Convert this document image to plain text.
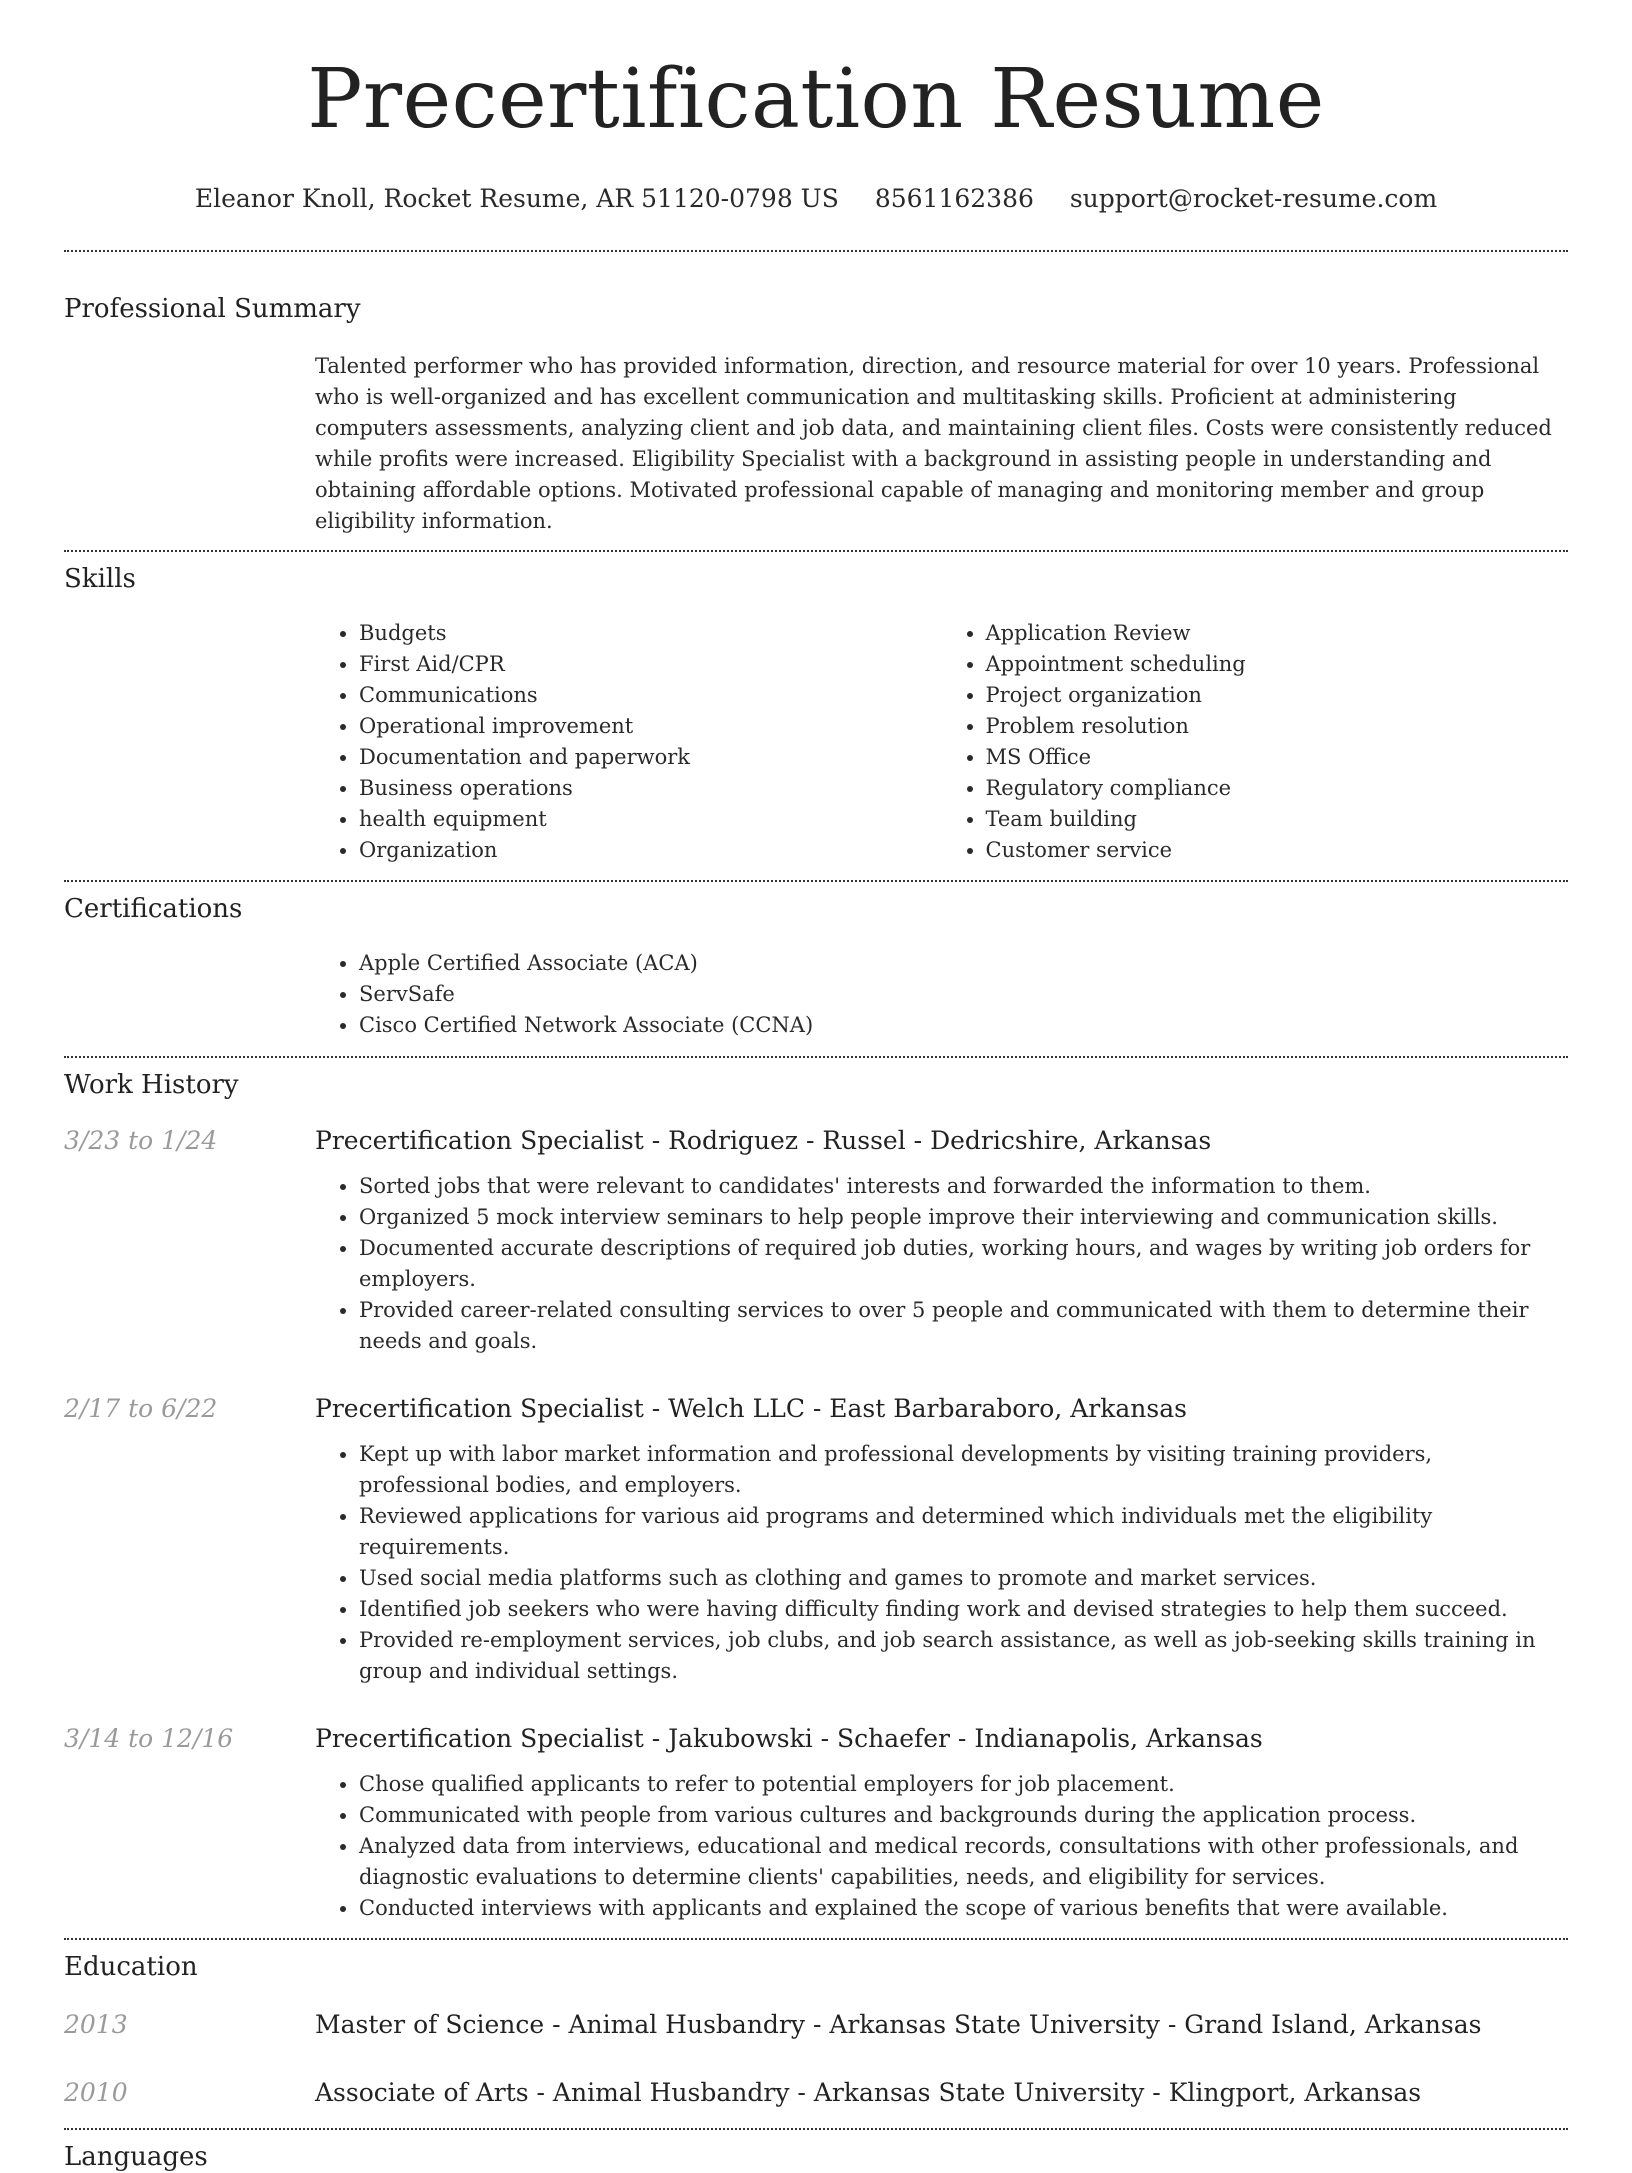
Precertification Resume
Eleanor Knoll, Rocket Resume, AR 51120-0798 US 8561162386 support@rocket-resume.com
Professional Summary
Talented performer who has provided information, direction, and resource material for over 10 years. Professional who is well-organized and has excellent communication and multitasking skills. Proficient at administering computers assessments, analyzing client and job data, and maintaining client files. Costs were consistently reduced while profits were increased. Eligibility Specialist with a background in assisting people in understanding and obtaining affordable options. Motivated professional capable of managing and monitoring member and group eligibility information.
Skills
• Budgets
• First Aid/CPR
• Communications
• Operational improvement
• Documentation and paperwork
• Business operations
• health equipment
• Organization
• Application Review
• Appointment scheduling
• Project organization
• Problem resolution
• MS Office
• Regulatory compliance
• Team building
• Customer service
Certifications
• Apple Certified Associate (ACA)
• ServSafe
• Cisco Certified Network Associate (CCNA)
Work History
3/23 to 1/24	Precertification Specialist - Rodriguez - Russel - Dedricshire, Arkansas
• Sorted jobs that were relevant to candidates' interests and forwarded the information to them.
• Organized 5 mock interview seminars to help people improve their interviewing and communication skills.
• Documented accurate descriptions of required job duties, working hours, and wages by writing job orders for employers.
• Provided career-related consulting services to over 5 people and communicated with them to determine their needs and goals.
2/17 to 6/22	Precertification Specialist - Welch LLC - East Barbaraboro, Arkansas
• Kept up with labor market information and professional developments by visiting training providers, professional bodies, and employers.
• Reviewed applications for various aid programs and determined which individuals met the eligibility requirements.
• Used social media platforms such as clothing and games to promote and market services.
• Identified job seekers who were having difficulty finding work and devised strategies to help them succeed.
• Provided re-employment services, job clubs, and job search assistance, as well as job-seeking skills training in group and individual settings.
3/14 to 12/16	Precertification Specialist - Jakubowski - Schaefer - Indianapolis, Arkansas
• Chose qualified applicants to refer to potential employers for job placement.
• Communicated with people from various cultures and backgrounds during the application process.
• Analyzed data from interviews, educational and medical records, consultations with other professionals, and diagnostic evaluations to determine clients' capabilities, needs, and eligibility for services.
• Conducted interviews with applicants and explained the scope of various benefits that were available.
Education
2013	Master of Science - Animal Husbandry - Arkansas State University - Grand Island, Arkansas
2010	Associate of Arts - Animal Husbandry - Arkansas State University - Klingport, Arkansas
Languages
